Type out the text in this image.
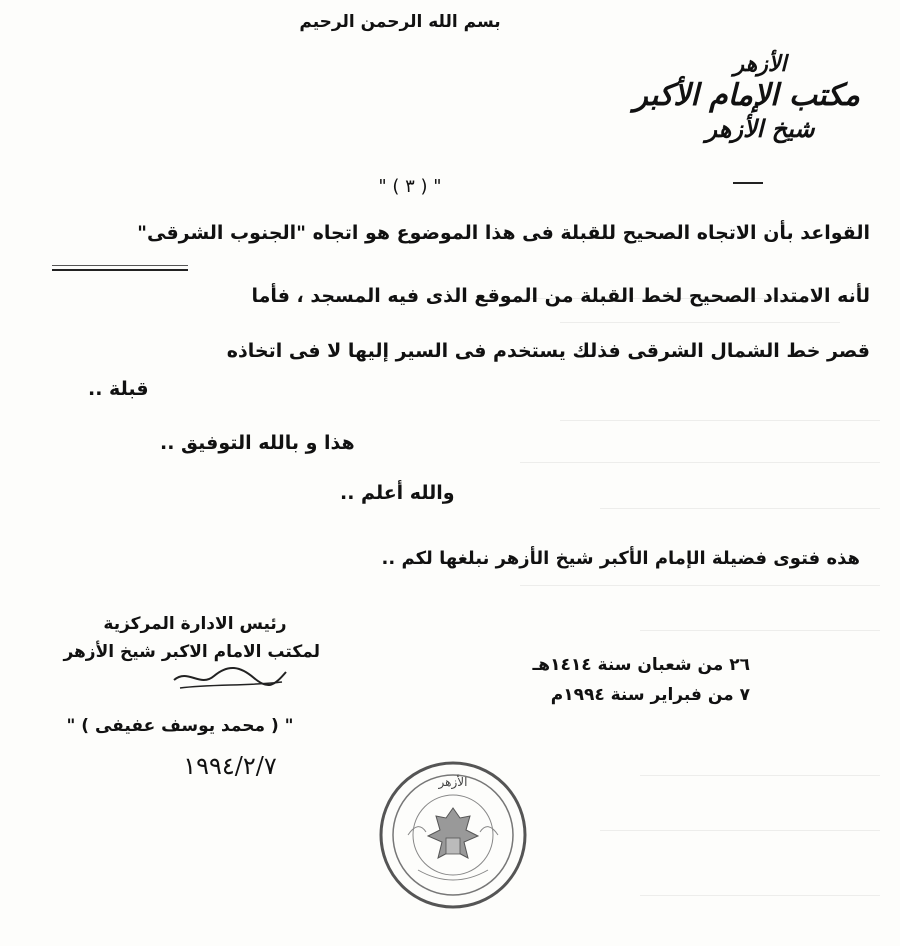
بسم الله الرحمن الرحيم
الأزهر
مكتب الإمام الأكبر
شيخ الأزهر
" ( ٣ ) "
القواعد بأن الاتجاه الصحيح للقبلة فى هذا الموضوع هو اتجاه "الجنوب الشرقى"
لأنه الامتداد الصحيح لخط القبلة من الموقع الذى فيه المسجد ، فأما
قصر خط الشمال الشرقى فذلك يستخدم فى السير إليها لا فى اتخاذه
قبلة ..
هذا و بالله التوفيق ..
والله أعلم ..
هذه فتوى فضيلة الإمام الأكبر شيخ الأزهر نبلغها لكم ..
رئيس الادارة المركزية
لمكتب الامام الاكبر شيخ الأزهر
" ( محمد يوسف عفيفى ) "
١٩٩٤/٢/٧
٢٦ من شعبان سنة ١٤١٤هـ
٧ من فبراير سنة ١٩٩٤م
الأزهر
